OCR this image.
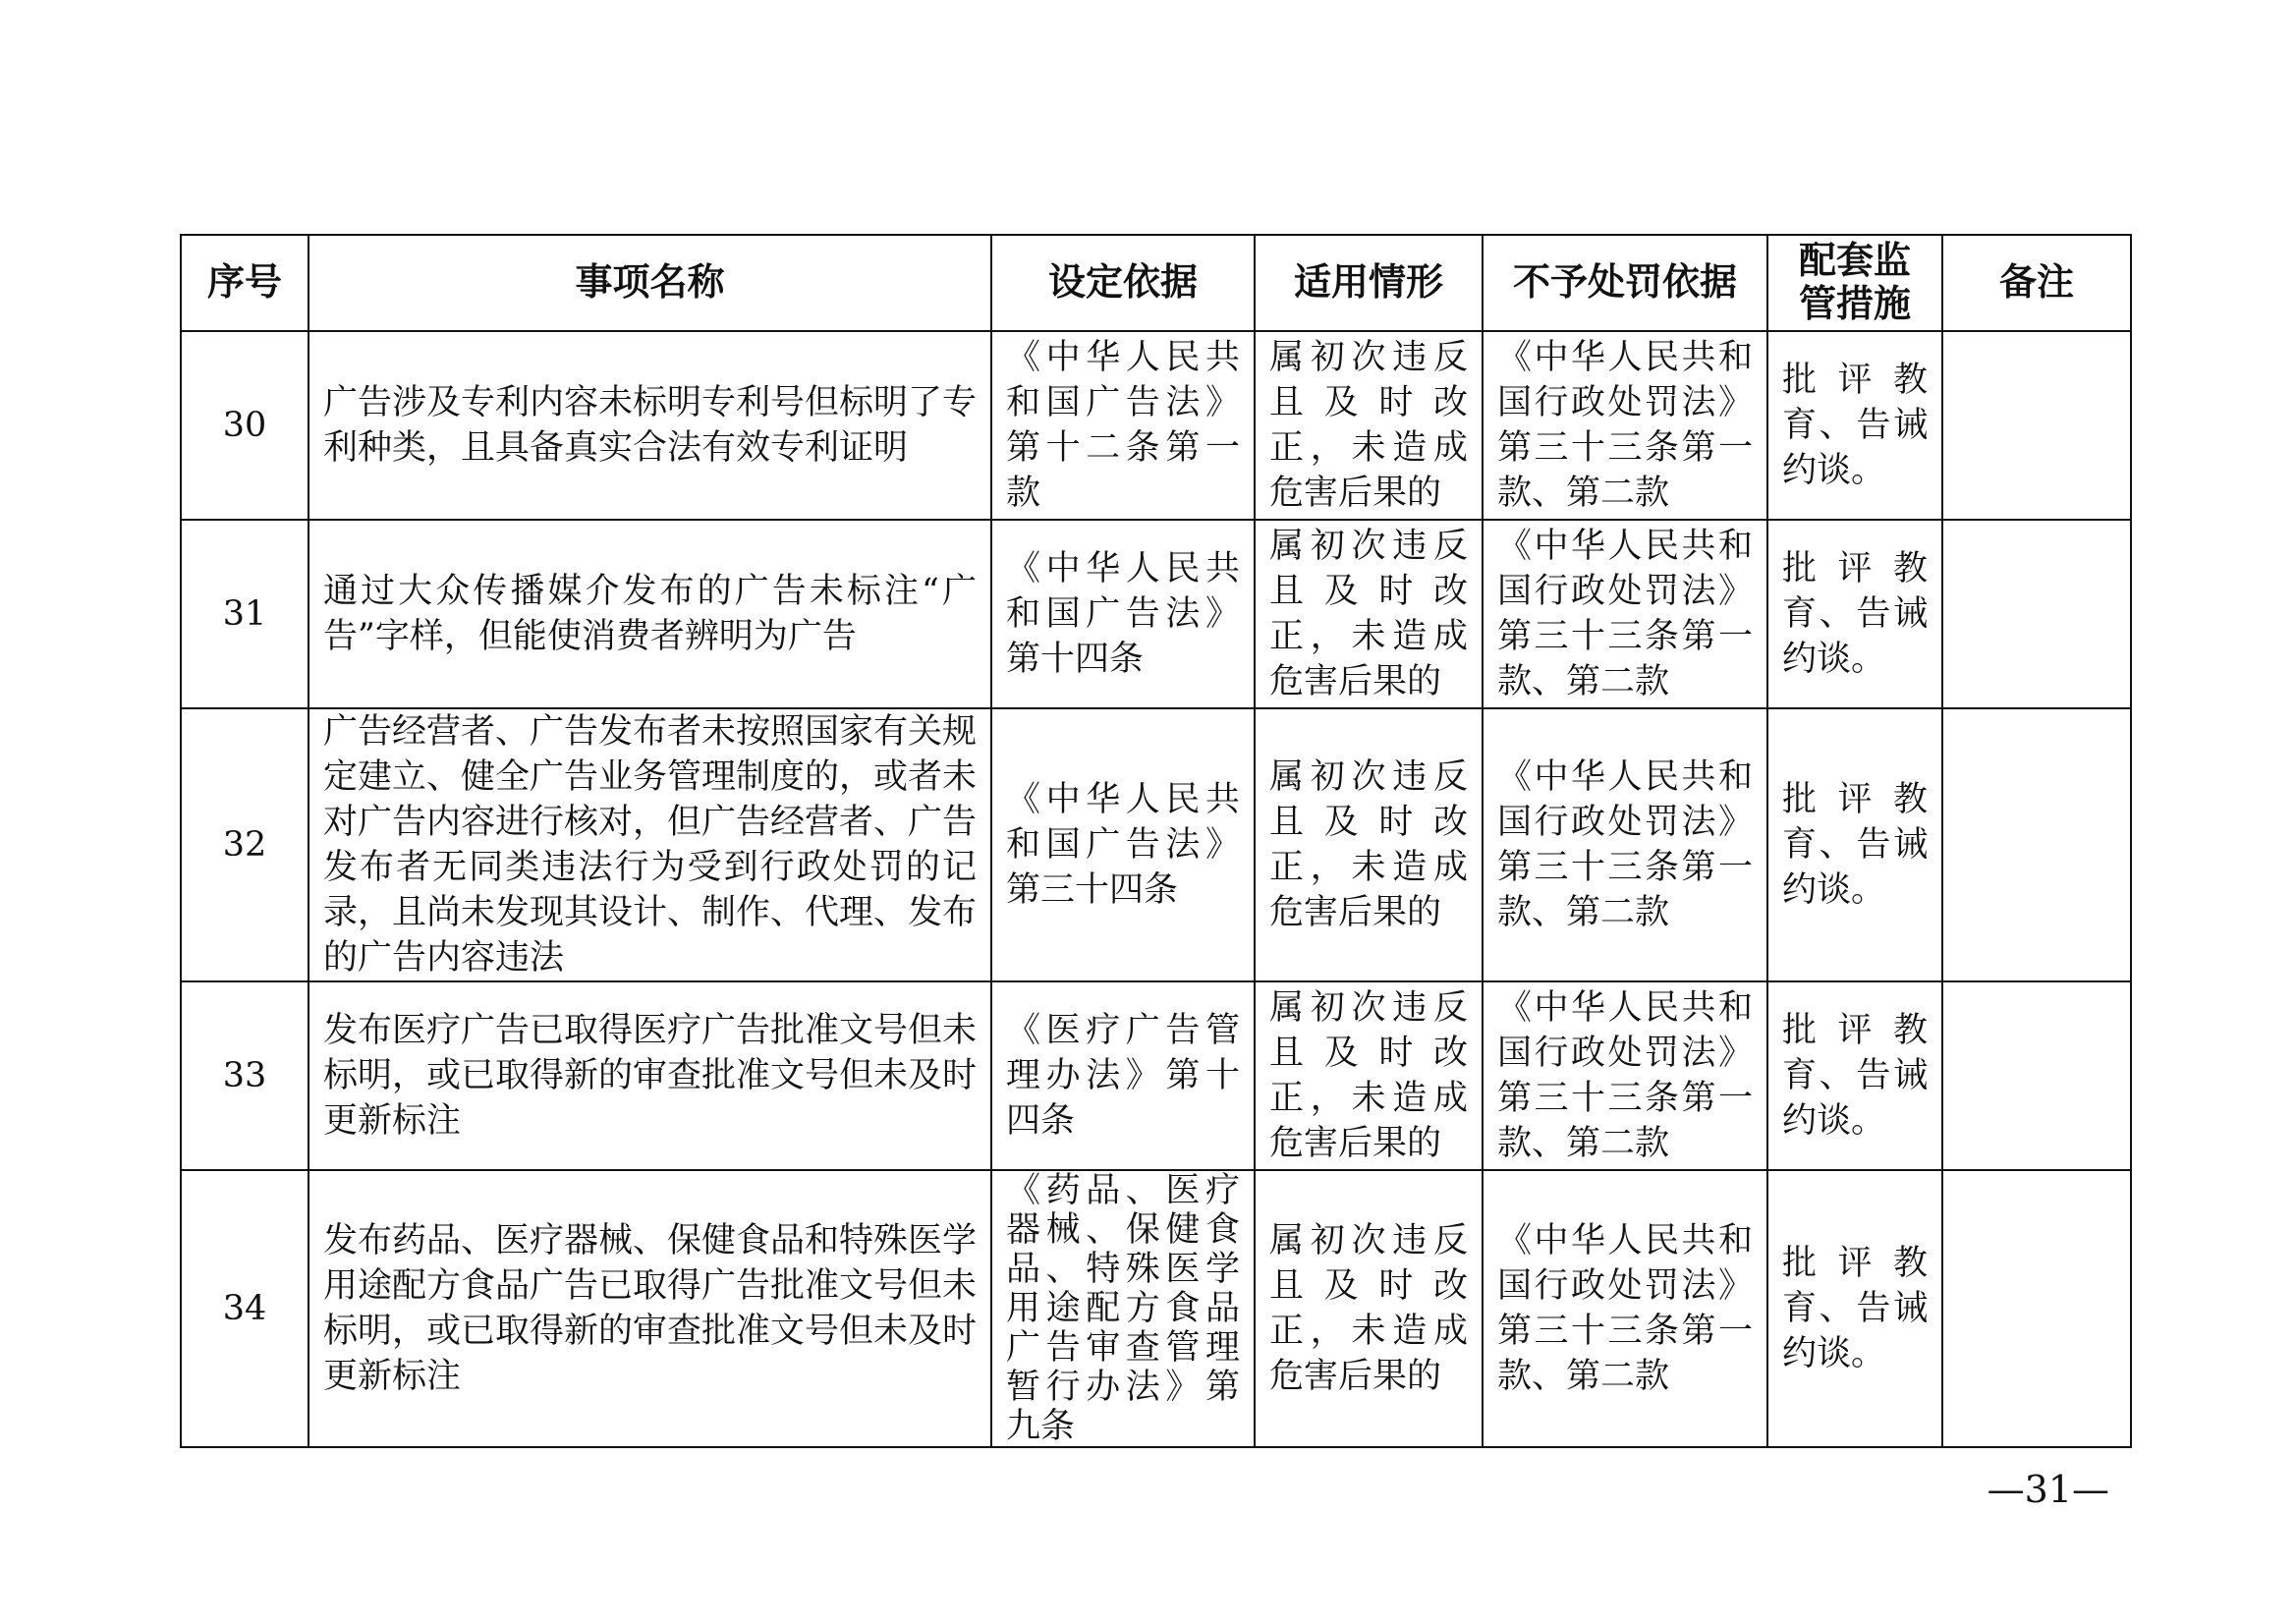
序号	事项名称	设定依据	适用情形	不予处罚依据	配套监管措施	备注
30	广告涉及专利内容未标明专利号但标明了专利种类，且具备真实合法有效专利证明	《中华人民共和国广告法》第十二条第一款	属初次违反且及时改正，未造成危害后果的	《中华人民共和国行政处罚法》第三十三条第一款、第二款	批评教育、告诫约谈。	
31	通过大众传播媒介发布的广告未标注“广告”字样，但能使消费者辨明为广告	《中华人民共和国广告法》第十四条	属初次违反且及时改正，未造成危害后果的	《中华人民共和国行政处罚法》第三十三条第一款、第二款	批评教育、告诫约谈。	
32	广告经营者、广告发布者未按照国家有关规定建立、健全广告业务管理制度的，或者未对广告内容进行核对，但广告经营者、广告发布者无同类违法行为受到行政处罚的记录，且尚未发现其设计、制作、代理、发布的广告内容违法	《中华人民共和国广告法》第三十四条	属初次违反且及时改正，未造成危害后果的	《中华人民共和国行政处罚法》第三十三条第一款、第二款	批评教育、告诫约谈。	
33	发布医疗广告已取得医疗广告批准文号但未标明，或已取得新的审查批准文号但未及时更新标注	《医疗广告管理办法》第十四条	属初次违反且及时改正，未造成危害后果的	《中华人民共和国行政处罚法》第三十三条第一款、第二款	批评教育、告诫约谈。	
34	发布药品、医疗器械、保健食品和特殊医学用途配方食品广告已取得广告批准文号但未标明，或已取得新的审查批准文号但未及时更新标注	《药品、医疗器械、保健食品、特殊医学用途配方食品广告审查管理暂行办法》第九条	属初次违反且及时改正，未造成危害后果的	《中华人民共和国行政处罚法》第三十三条第一款、第二款	批评教育、告诫约谈。	
—31—
